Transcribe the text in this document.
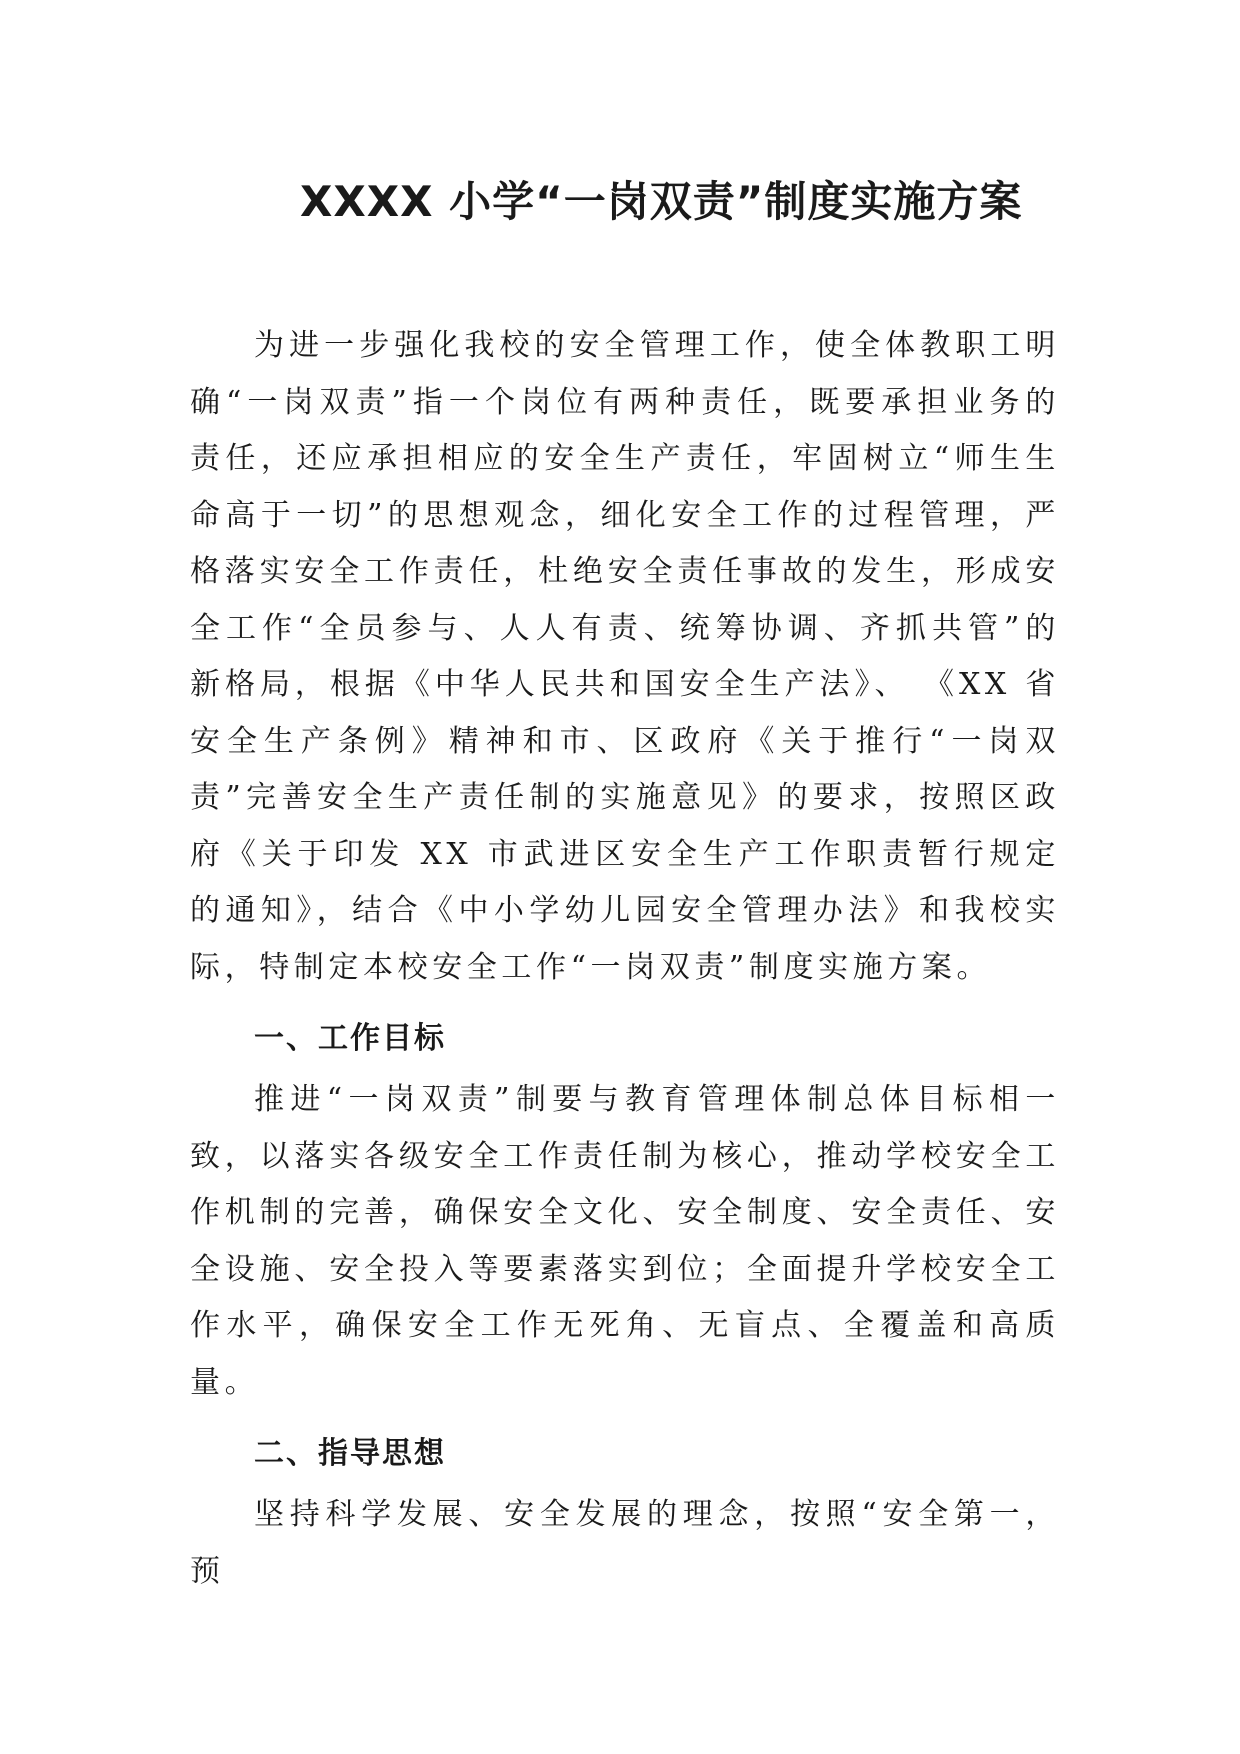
XXXX 小学“一岗双责”制度实施方案

为进一步强化我校的安全管理工作，使全体教职工明确“一岗双责”指一个岗位有两种责任，既要承担业务的责任，还应承担相应的安全生产责任，牢固树立“师生生命高于一切”的思想观念，细化安全工作的过程管理，严格落实安全工作责任，杜绝安全责任事故的发生，形成安全工作“全员参与、人人有责、统筹协调、齐抓共管”的新格局，根据《中华人民共和国安全生产法》、 《XX 省安全生产条例》精神和市、区政府《关于推行“一岗双责”完善安全生产责任制的实施意见》的要求，按照区政府《关于印发 XX 市武进区安全生产工作职责暂行规定的通知》，结合《中小学幼儿园安全管理办法》和我校实际，特制定本校安全工作“一岗双责”制度实施方案。

一、工作目标

推进“一岗双责”制要与教育管理体制总体目标相一致，以落实各级安全工作责任制为核心，推动学校安全工作机制的完善，确保安全文化、安全制度、安全责任、安全设施、安全投入等要素落实到位；全面提升学校安全工作水平，确保安全工作无死角、无盲点、全覆盖和高质量。

二、指导思想

坚持科学发展、安全发展的理念，按照“安全第一，预
